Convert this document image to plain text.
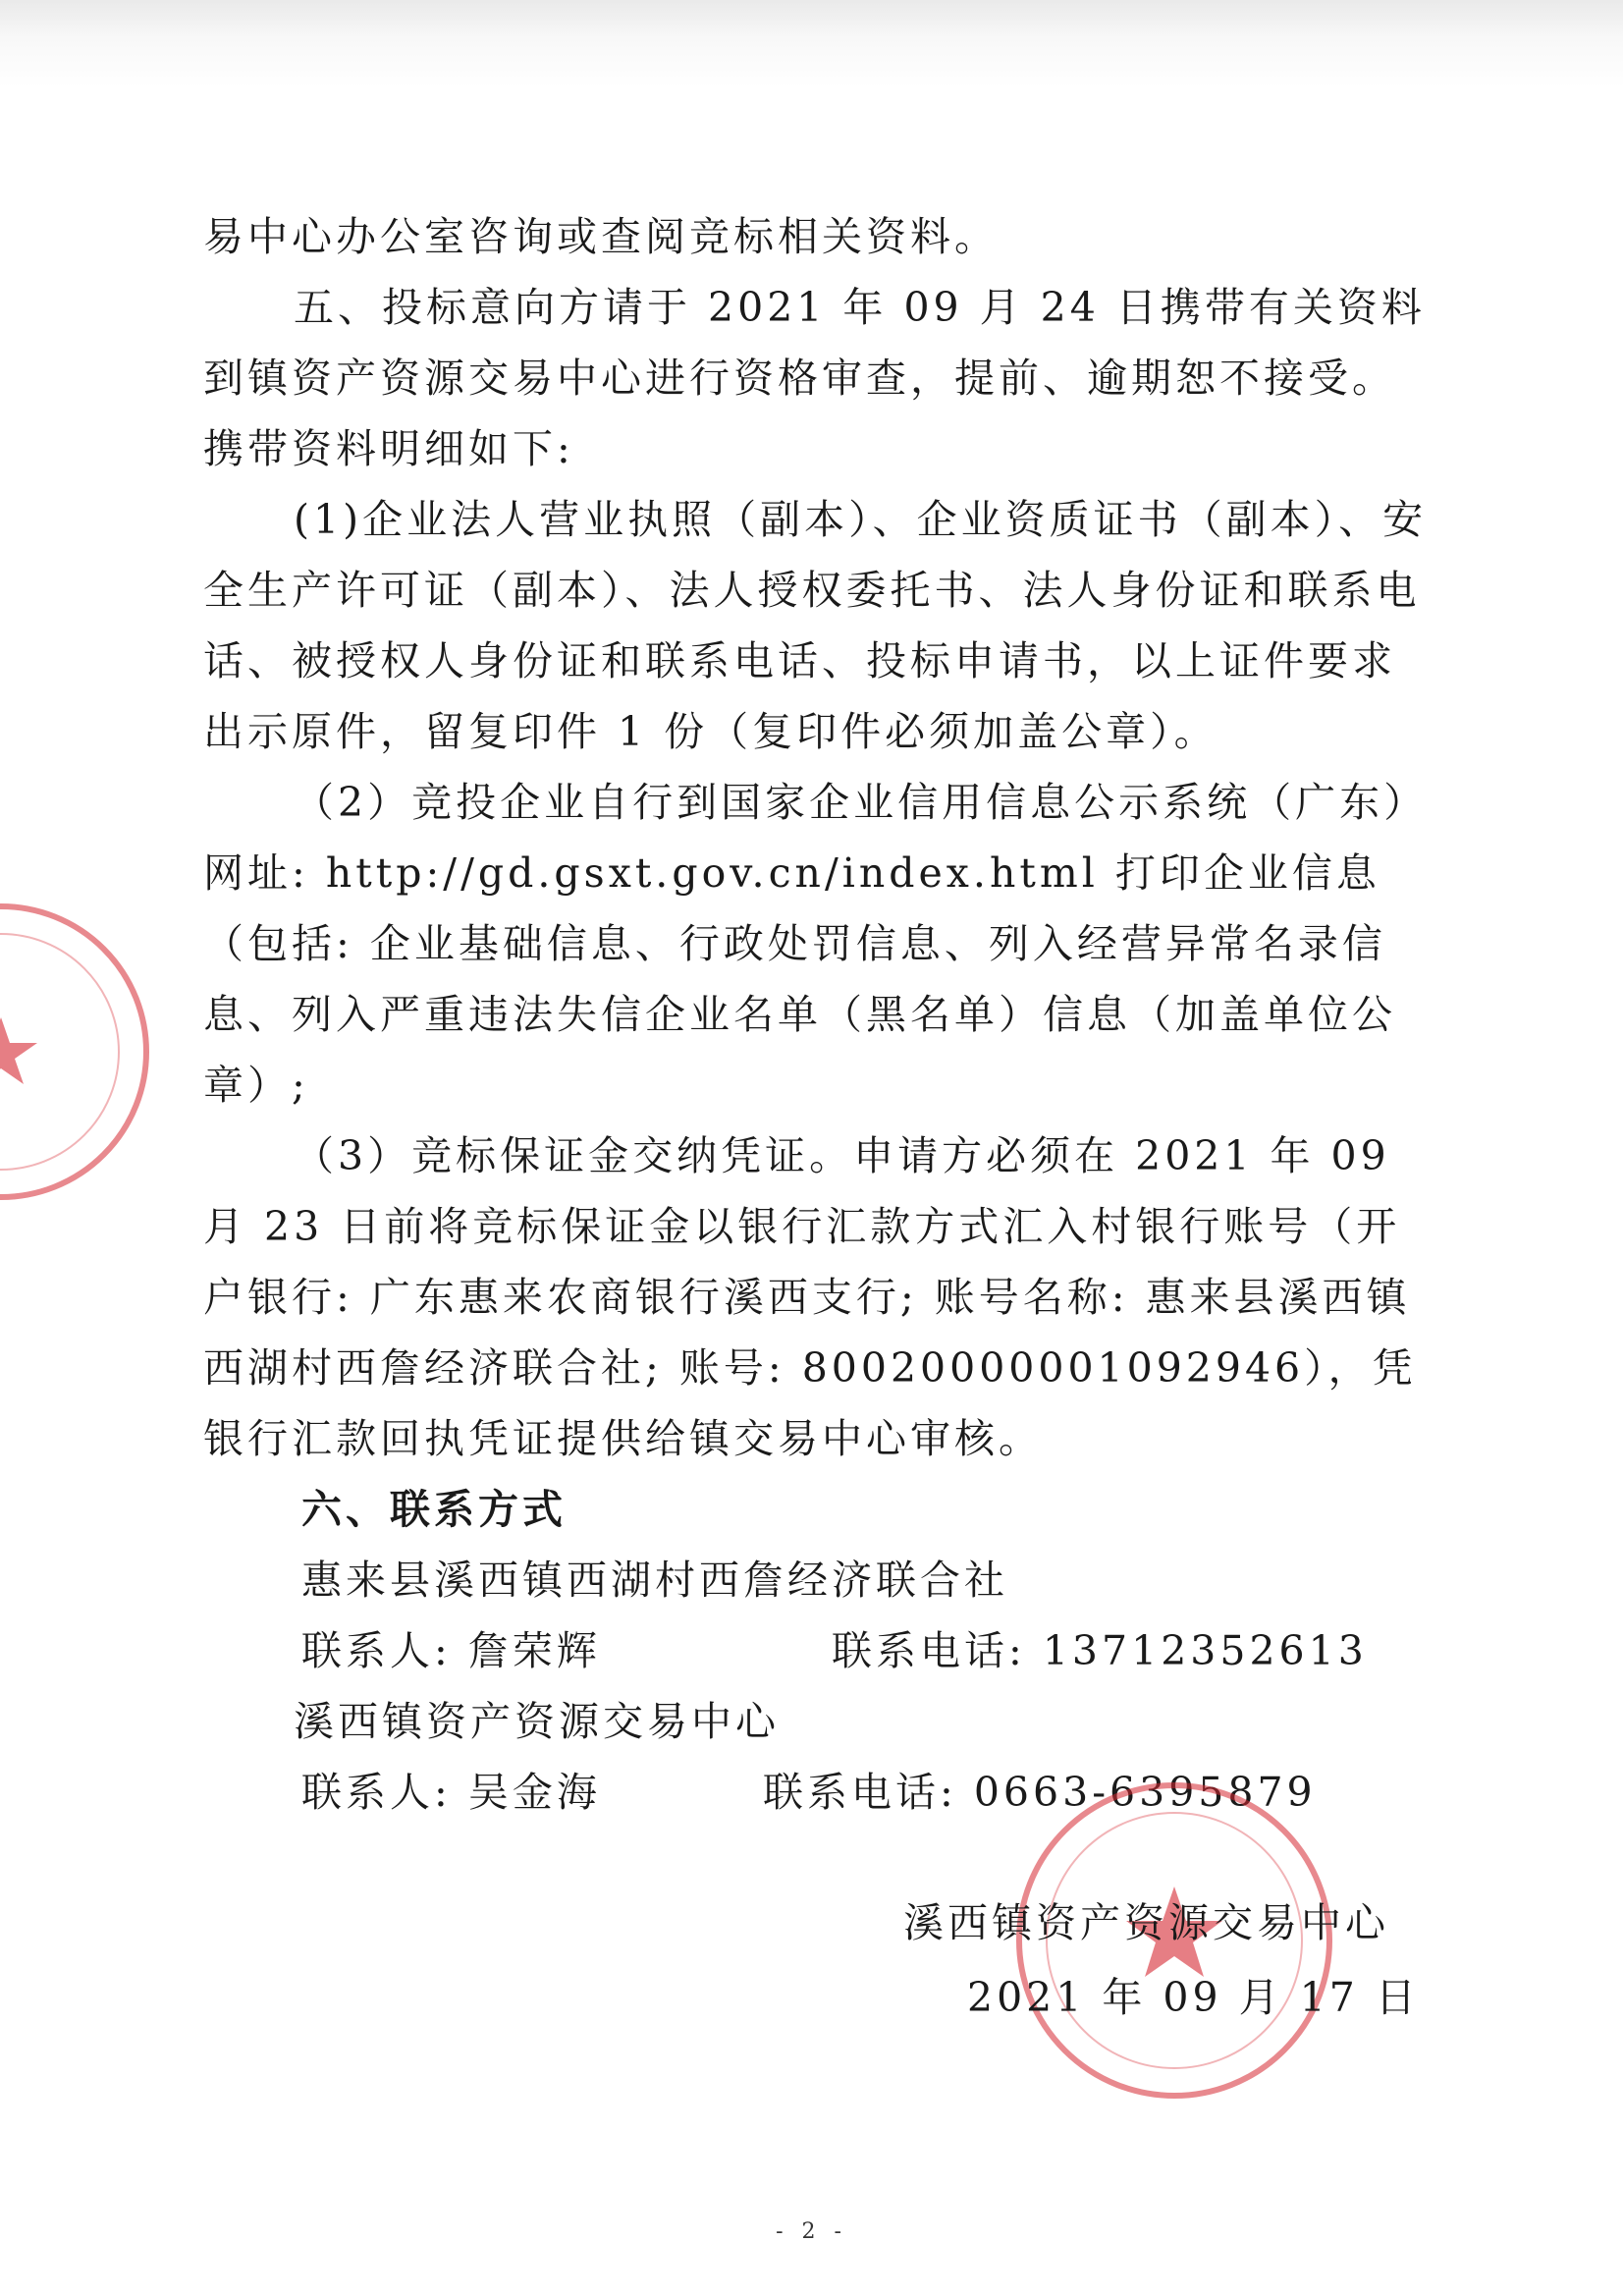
易中心办公室咨询或查阅竞标相关资料。

五、投标意向方请于 2021 年 09 月 24 日携带有关资料到镇资产资源交易中心进行资格审查，提前、逾期恕不接受。携带资料明细如下:

(1)企业法人营业执照（副本）、企业资质证书（副本）、安全生产许可证（副本）、法人授权委托书、法人身份证和联系电话、被授权人身份证和联系电话、投标申请书，以上证件要求出示原件，留复印件 1 份（复印件必须加盖公章）。

（2）竞投企业自行到国家企业信用信息公示系统（广东）网址: http://gd.gsxt.gov.cn/index.html 打印企业信息（包括: 企业基础信息、行政处罚信息、列入经营异常名录信息、列入严重违法失信企业名单（黑名单）信息（加盖单位公章）;

（3）竞标保证金交纳凭证。申请方必须在 2021 年 09 月 23 日前将竞标保证金以银行汇款方式汇入村银行账号（开户银行: 广东惠来农商银行溪西支行; 账号名称: 惠来县溪西镇西湖村西詹经济联合社; 账号: 80020000001092946），凭银行汇款回执凭证提供给镇交易中心审核。

六、联系方式

惠来县溪西镇西湖村西詹经济联合社

联系人: 詹荣辉	联系电话: 13712352613

溪西镇资产资源交易中心

联系人: 吴金海	联系电话: 0663-6395879
溪西镇资产资源交易中心
2021 年 09 月 17 日
- 2 -
